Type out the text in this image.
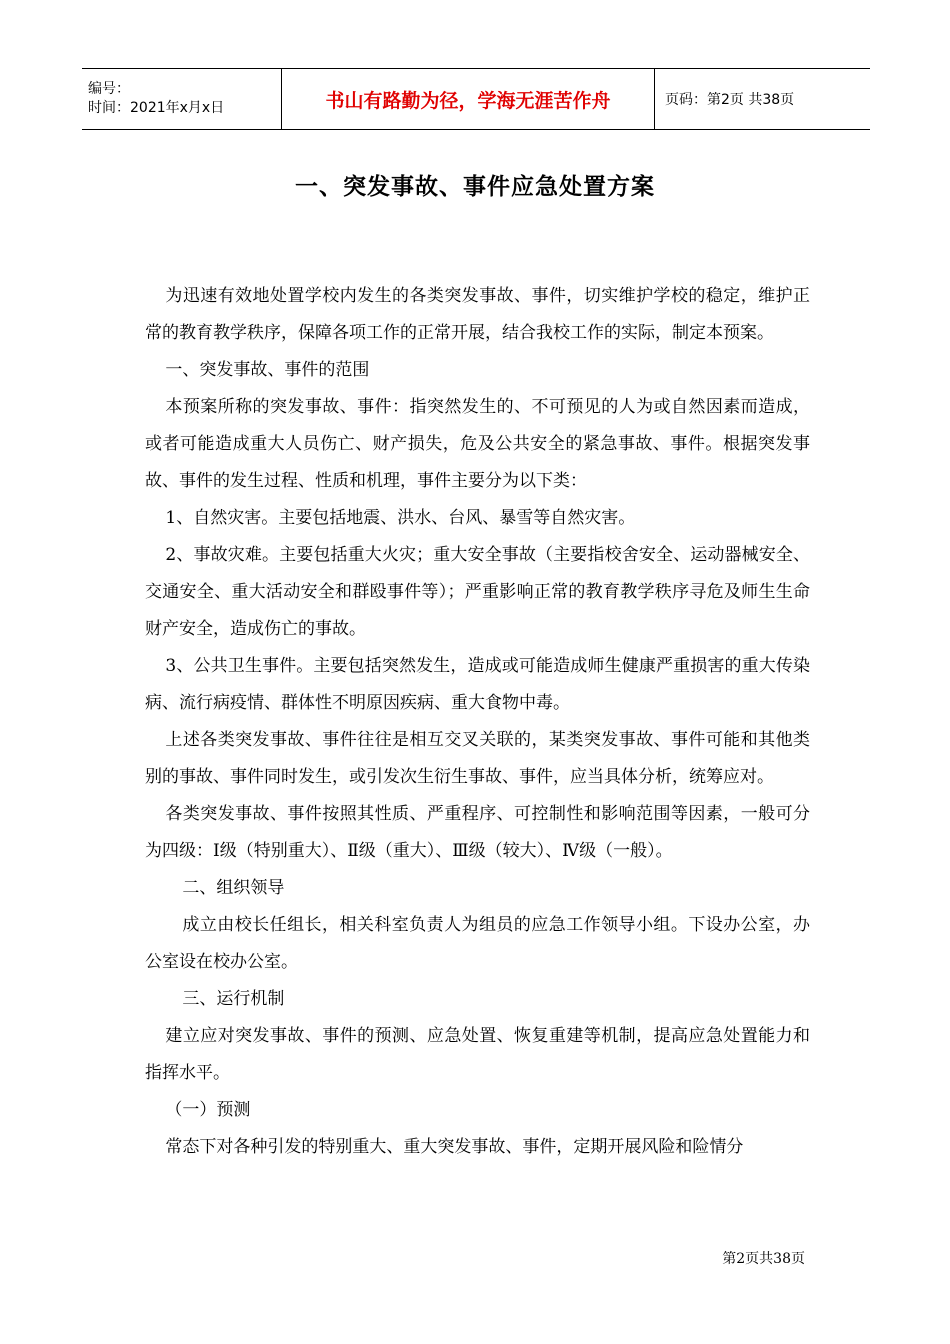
编号：
时间：2021年x月x日	书山有路勤为径，学海无涯苦作舟	页码：第2页 共38页
一、突发事故、事件应急处置方案

为迅速有效地处置学校内发生的各类突发事故、事件，切实维护学校的稳定，维护正常的教育教学秩序，保障各项工作的正常开展，结合我校工作的实际，制定本预案。

一、突发事故、事件的范围

本预案所称的突发事故、事件：指突然发生的、不可预见的人为或自然因素而造成，或者可能造成重大人员伤亡、财产损失，危及公共安全的紧急事故、事件。根据突发事故、事件的发生过程、性质和机理，事件主要分为以下类：

1、自然灾害。主要包括地震、洪水、台风、暴雪等自然灾害。

2、事故灾难。主要包括重大火灾；重大安全事故（主要指校舍安全、运动器械安全、交通安全、重大活动安全和群殴事件等）；严重影响正常的教育教学秩序寻危及师生生命财产安全，造成伤亡的事故。

3、公共卫生事件。主要包括突然发生，造成或可能造成师生健康严重损害的重大传染病、流行病疫情、群体性不明原因疾病、重大食物中毒。

上述各类突发事故、事件往往是相互交叉关联的，某类突发事故、事件可能和其他类别的事故、事件同时发生，或引发次生衍生事故、事件，应当具体分析，统筹应对。

各类突发事故、事件按照其性质、严重程序、可控制性和影响范围等因素，一般可分为四级：Ⅰ级（特别重大）、Ⅱ级（重大）、Ⅲ级（较大）、Ⅳ级（一般）。

二、组织领导

成立由校长任组长，相关科室负责人为组员的应急工作领导小组。下设办公室，办公室设在校办公室。

三、运行机制

建立应对突发事故、事件的预测、应急处置、恢复重建等机制，提高应急处置能力和指挥水平。

（一）预测

常态下对各种引发的特别重大、重大突发事故、事件，定期开展风险和险情分

第2页共38页
